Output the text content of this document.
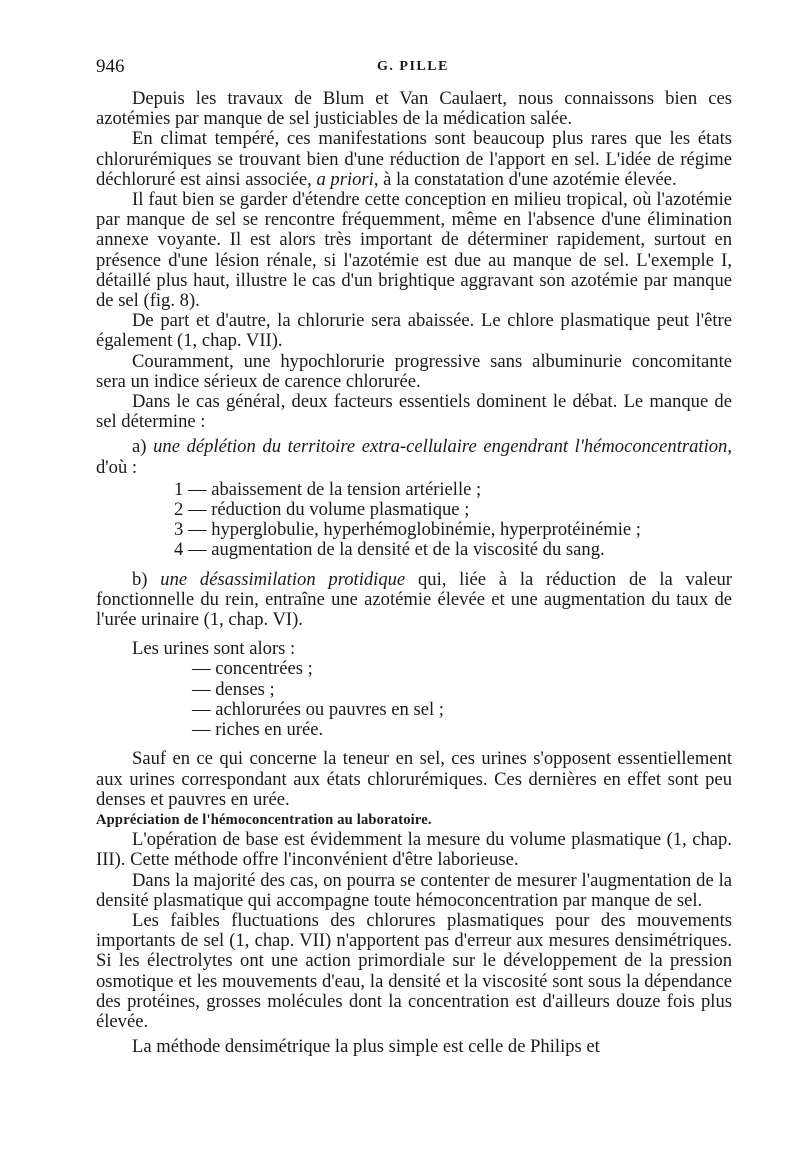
946	G. PILLE

Depuis les travaux de Blum et Van Caulaert, nous connaissons bien ces azotémies par manque de sel justiciables de la médication salée.

En climat tempéré, ces manifestations sont beaucoup plus rares que les états chlorurémiques se trouvant bien d'une réduction de l'apport en sel. L'idée de régime déchloruré est ainsi associée, a priori, à la constatation d'une azotémie élevée.

Il faut bien se garder d'étendre cette conception en milieu tropical, où l'azotémie par manque de sel se rencontre fréquemment, même en l'absence d'une élimination annexe voyante. Il est alors très important de déterminer rapidement, surtout en présence d'une lésion rénale, si l'azotémie est due au manque de sel. L'exemple I, détaillé plus haut, illustre le cas d'un brightique aggravant son azotémie par manque de sel (fig. 8).

De part et d'autre, la chlorurie sera abaissée. Le chlore plasmatique peut l'être également (1, chap. VII).

Couramment, une hypochlorurie progressive sans albuminurie concomitante sera un indice sérieux de carence chlorurée.

Dans le cas général, deux facteurs essentiels dominent le débat. Le manque de sel détermine :

a) une déplétion du territoire extra-cellulaire engendrant l'hémoconcentration, d'où :

1 — abaissement de la tension artérielle ;
2 — réduction du volume plasmatique ;
3 — hyperglobulie, hyperhémoglobinémie, hyperprotéinémie ;
4 — augmentation de la densité et de la viscosité du sang.

b) une désassimilation protidique qui, liée à la réduction de la valeur fonctionnelle du rein, entraîne une azotémie élevée et une augmentation du taux de l'urée urinaire (1, chap. VI).

Les urines sont alors :

— concentrées ;
— denses ;
— achlorurées ou pauvres en sel ;
— riches en urée.

Sauf en ce qui concerne la teneur en sel, ces urines s'opposent essentiellement aux urines correspondant aux états chlorurémiques. Ces dernières en effet sont peu denses et pauvres en urée.

Appréciation de l'hémoconcentration au laboratoire.

L'opération de base est évidemment la mesure du volume plasmatique (1, chap. III). Cette méthode offre l'inconvénient d'être laborieuse.

Dans la majorité des cas, on pourra se contenter de mesurer l'augmentation de la densité plasmatique qui accompagne toute hémoconcentration par manque de sel.

Les faibles fluctuations des chlorures plasmatiques pour des mouvements importants de sel (1, chap. VII) n'apportent pas d'erreur aux mesures densimétriques. Si les électrolytes ont une action primordiale sur le développement de la pression osmotique et les mouvements d'eau, la densité et la viscosité sont sous la dépendance des protéines, grosses molécules dont la concentration est d'ailleurs douze fois plus élevée.

La méthode densimétrique la plus simple est celle de Philips et
